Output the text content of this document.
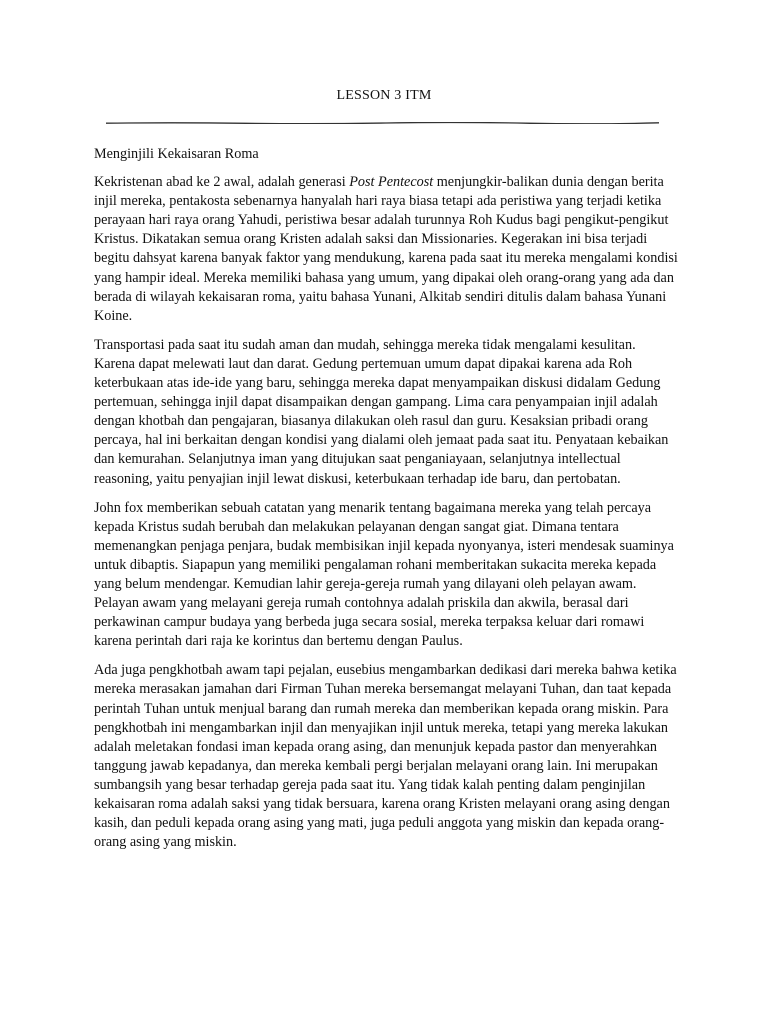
LESSON 3 ITM

Menginjili Kekaisaran Roma

Kekristenan abad ke 2 awal, adalah generasi Post Pentecost menjungkir-balikan dunia dengan berita injil mereka, pentakosta sebenarnya hanyalah hari raya biasa tetapi ada peristiwa yang terjadi ketika perayaan hari raya orang Yahudi, peristiwa besar adalah turunnya Roh Kudus bagi pengikut-pengikut Kristus. Dikatakan semua orang Kristen adalah saksi dan Missionaries. Kegerakan ini bisa terjadi begitu dahsyat karena banyak faktor yang mendukung, karena pada saat itu mereka mengalami kondisi yang hampir ideal. Mereka memiliki bahasa yang umum, yang dipakai oleh orang-orang yang ada dan berada di wilayah kekaisaran roma, yaitu bahasa Yunani, Alkitab sendiri ditulis dalam bahasa Yunani Koine.

Transportasi pada saat itu sudah aman dan mudah, sehingga mereka tidak mengalami kesulitan. Karena dapat melewati laut dan darat. Gedung pertemuan umum dapat dipakai karena ada Roh keterbukaan atas ide-ide yang baru, sehingga mereka dapat menyampaikan diskusi didalam Gedung pertemuan, sehingga injil dapat disampaikan dengan gampang. Lima cara penyampaian injil adalah dengan khotbah dan pengajaran, biasanya dilakukan oleh rasul dan guru. Kesaksian pribadi orang percaya, hal ini berkaitan dengan kondisi yang dialami oleh jemaat pada saat itu. Penyataan kebaikan dan kemurahan. Selanjutnya iman yang ditujukan saat penganiayaan, selanjutnya intellectual reasoning, yaitu penyajian injil lewat diskusi, keterbukaan terhadap ide baru, dan pertobatan.

John fox memberikan sebuah catatan yang menarik tentang bagaimana mereka yang telah percaya kepada Kristus sudah berubah dan melakukan pelayanan dengan sangat giat. Dimana tentara memenangkan penjaga penjara, budak membisikan injil kepada nyonyanya, isteri mendesak suaminya untuk dibaptis. Siapapun yang memiliki pengalaman rohani memberitakan sukacita mereka kepada yang belum mendengar. Kemudian lahir gereja-gereja rumah yang dilayani oleh pelayan awam. Pelayan awam yang melayani gereja rumah contohnya adalah priskila dan akwila, berasal dari perkawinan campur budaya yang berbeda juga secara sosial, mereka terpaksa keluar dari romawi karena perintah dari raja ke korintus dan bertemu dengan Paulus.

Ada juga pengkhotbah awam tapi pejalan, eusebius mengambarkan dedikasi dari mereka bahwa ketika mereka merasakan jamahan dari Firman Tuhan mereka bersemangat melayani Tuhan, dan taat kepada perintah Tuhan untuk menjual barang dan rumah mereka dan memberikan kepada orang miskin. Para pengkhotbah ini mengambarkan injil dan menyajikan injil untuk mereka, tetapi yang mereka lakukan adalah meletakan fondasi iman kepada orang asing, dan menunjuk kepada pastor dan menyerahkan tanggung jawab kepadanya, dan mereka kembali pergi berjalan melayani orang lain. Ini merupakan sumbangsih yang besar terhadap gereja pada saat itu. Yang tidak kalah penting dalam penginjilan kekaisaran roma adalah saksi yang tidak bersuara, karena orang Kristen melayani orang asing dengan kasih, dan peduli kepada orang asing yang mati, juga peduli anggota yang miskin dan kepada orang-orang asing yang miskin.
